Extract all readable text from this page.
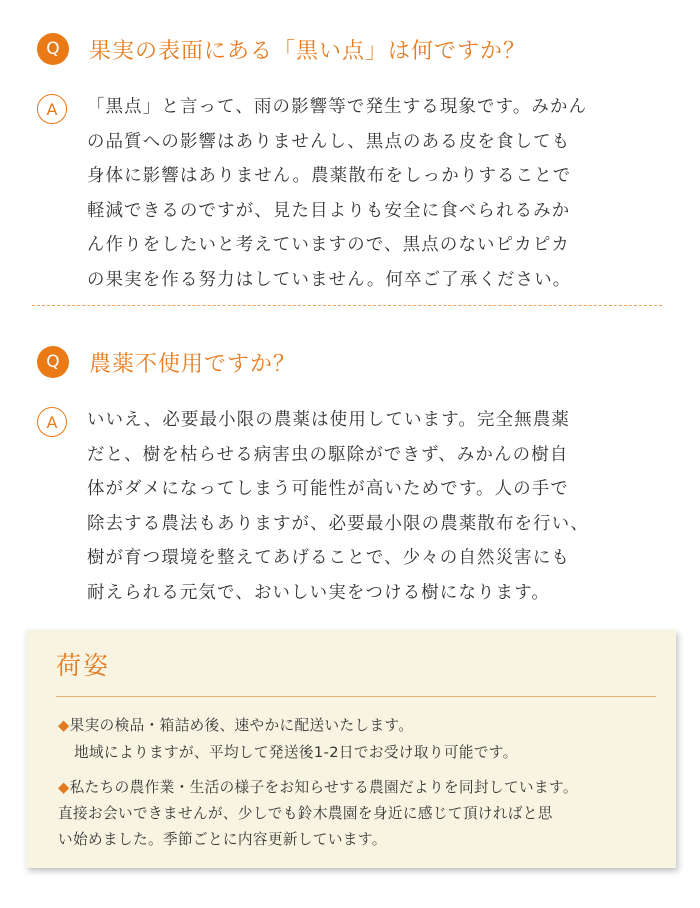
Q	果実の表面にある「黒い点」は何ですか？
A	「黒点」と言って、雨の影響等で発生する現象です。みかん
の品質への影響はありませんし、黒点のある皮を食しても
身体に影響はありません。農薬散布をしっかりすることで
軽減できるのですが、見た目よりも安全に食べられるみか
ん作りをしたいと考えていますので、黒点のないピカピカ
の果実を作る努力はしていません。何卒ご了承ください。
Q	農薬不使用ですか？
A	いいえ、必要最小限の農薬は使用しています。完全無農薬
だと、樹を枯らせる病害虫の駆除ができず、みかんの樹自
体がダメになってしまう可能性が高いためです。人の手で
除去する農法もありますが、必要最小限の農薬散布を行い、
樹が育つ環境を整えてあげることで、少々の自然災害にも
耐えられる元気で、おいしい実をつける樹になります。
荷姿
◆果実の検品・箱詰め後、速やかに配送いたします。
地域によりますが、平均して発送後1-2日でお受け取り可能です。
◆私たちの農作業・生活の様子をお知らせする農園だよりを同封しています。
直接お会いできませんが、少しでも鈴木農園を身近に感じて頂ければと思
い始めました。季節ごとに内容更新しています。
